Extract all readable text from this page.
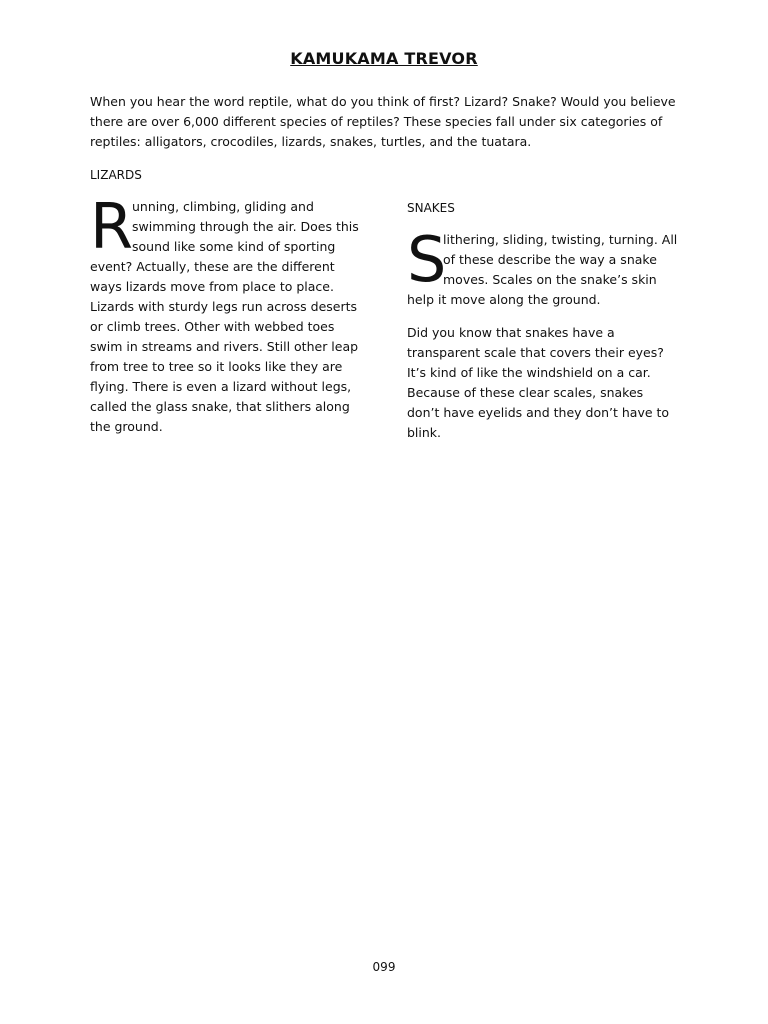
KAMUKAMA TREVOR

When you hear the word reptile, what do you think of first? Lizard? Snake? Would you believe there are over 6,000 different species of reptiles? These species fall under six categories of reptiles: alligators, crocodiles, lizards, snakes, turtles, and the tuatara.

LIZARDS

R
unning, climbing, gliding and swimming through the air. Does this sound like some kind of sporting event? Actually, these are the different ways lizards move from place to place. Lizards with sturdy legs run across deserts or climb trees. Other with webbed toes swim in streams and rivers. Still other leap from tree to tree so it looks like they are flying. There is even a lizard without legs, called the glass snake, that slithers along the ground.

SNAKES

S
lithering, sliding, twisting, turning. All of these describe the way a snake moves. Scales on the snake’s skin help it move along the ground.

Did you know that snakes have a transparent scale that covers their eyes? It’s kind of like the windshield on a car. Because of these clear scales, snakes don’t have eyelids and they don’t have to blink.

099
